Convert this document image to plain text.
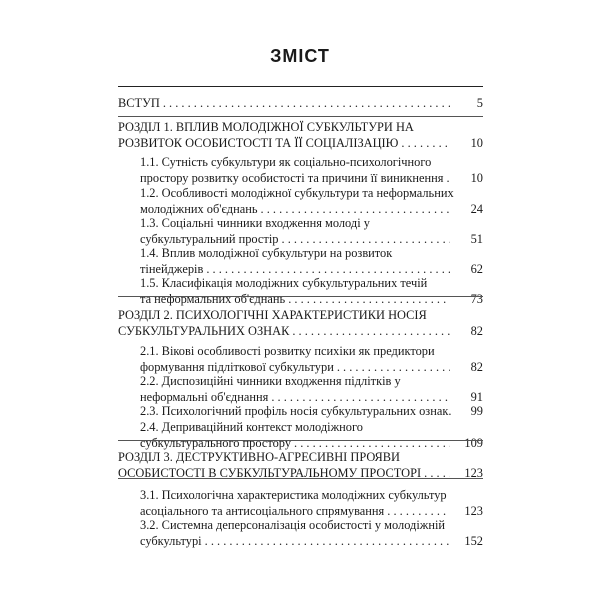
ЗМІСТ
ВСТУП . . .	5
РОЗДІЛ 1. ВПЛИВ МОЛОДІЖНОЇ СУБКУЛЬТУРИ НА
РОЗВИТОК ОСОБИСТОСТІ ТА ЇЇ СОЦІАЛІЗАЦІЮ . . .	10
1.1. Сутність субкультури як соціально-психологічного
простору розвитку особистості та причини її виникнення . . .	10
1.2. Особливості молодіжної субкультури та неформальних
молодіжних об'єднань . . .	24
1.3. Соціальні чинники входження молоді у
субкультуральний простір . . .	51
1.4. Вплив молодіжної субкультури на розвиток
тінейджерів . . .	62
1.5. Класифікація молодіжних субкультуральних течій
та неформальних об'єднань . . .	73
РОЗДІЛ 2. ПСИХОЛОГІЧНІ ХАРАКТЕРИСТИКИ НОСІЯ
СУБКУЛЬТУРАЛЬНИХ ОЗНАК . . .	82
2.1. Вікові особливості розвитку психіки як предиктори
формування підліткової субкультури . . .	82
2.2. Диспозиційні чинники входження підлітків у
неформальні об'єднання . . .	91
2.3. Психологічний профіль носія субкультуральних ознак.	99
2.4. Деприваційний контекст молодіжного
субкультурального простору . . .	109
РОЗДІЛ 3. ДЕСТРУКТИВНО-АГРЕСИВНІ ПРОЯВИ
ОСОБИСТОСТІ В СУБКУЛЬТУРАЛЬНОМУ ПРОСТОРІ . . .	123
3.1. Психологічна характеристика молодіжних субкультур
асоціального та антисоціального спрямування . . .	123
3.2. Системна деперсоналізація особистості у молодіжній
субкультурі . . .	152
